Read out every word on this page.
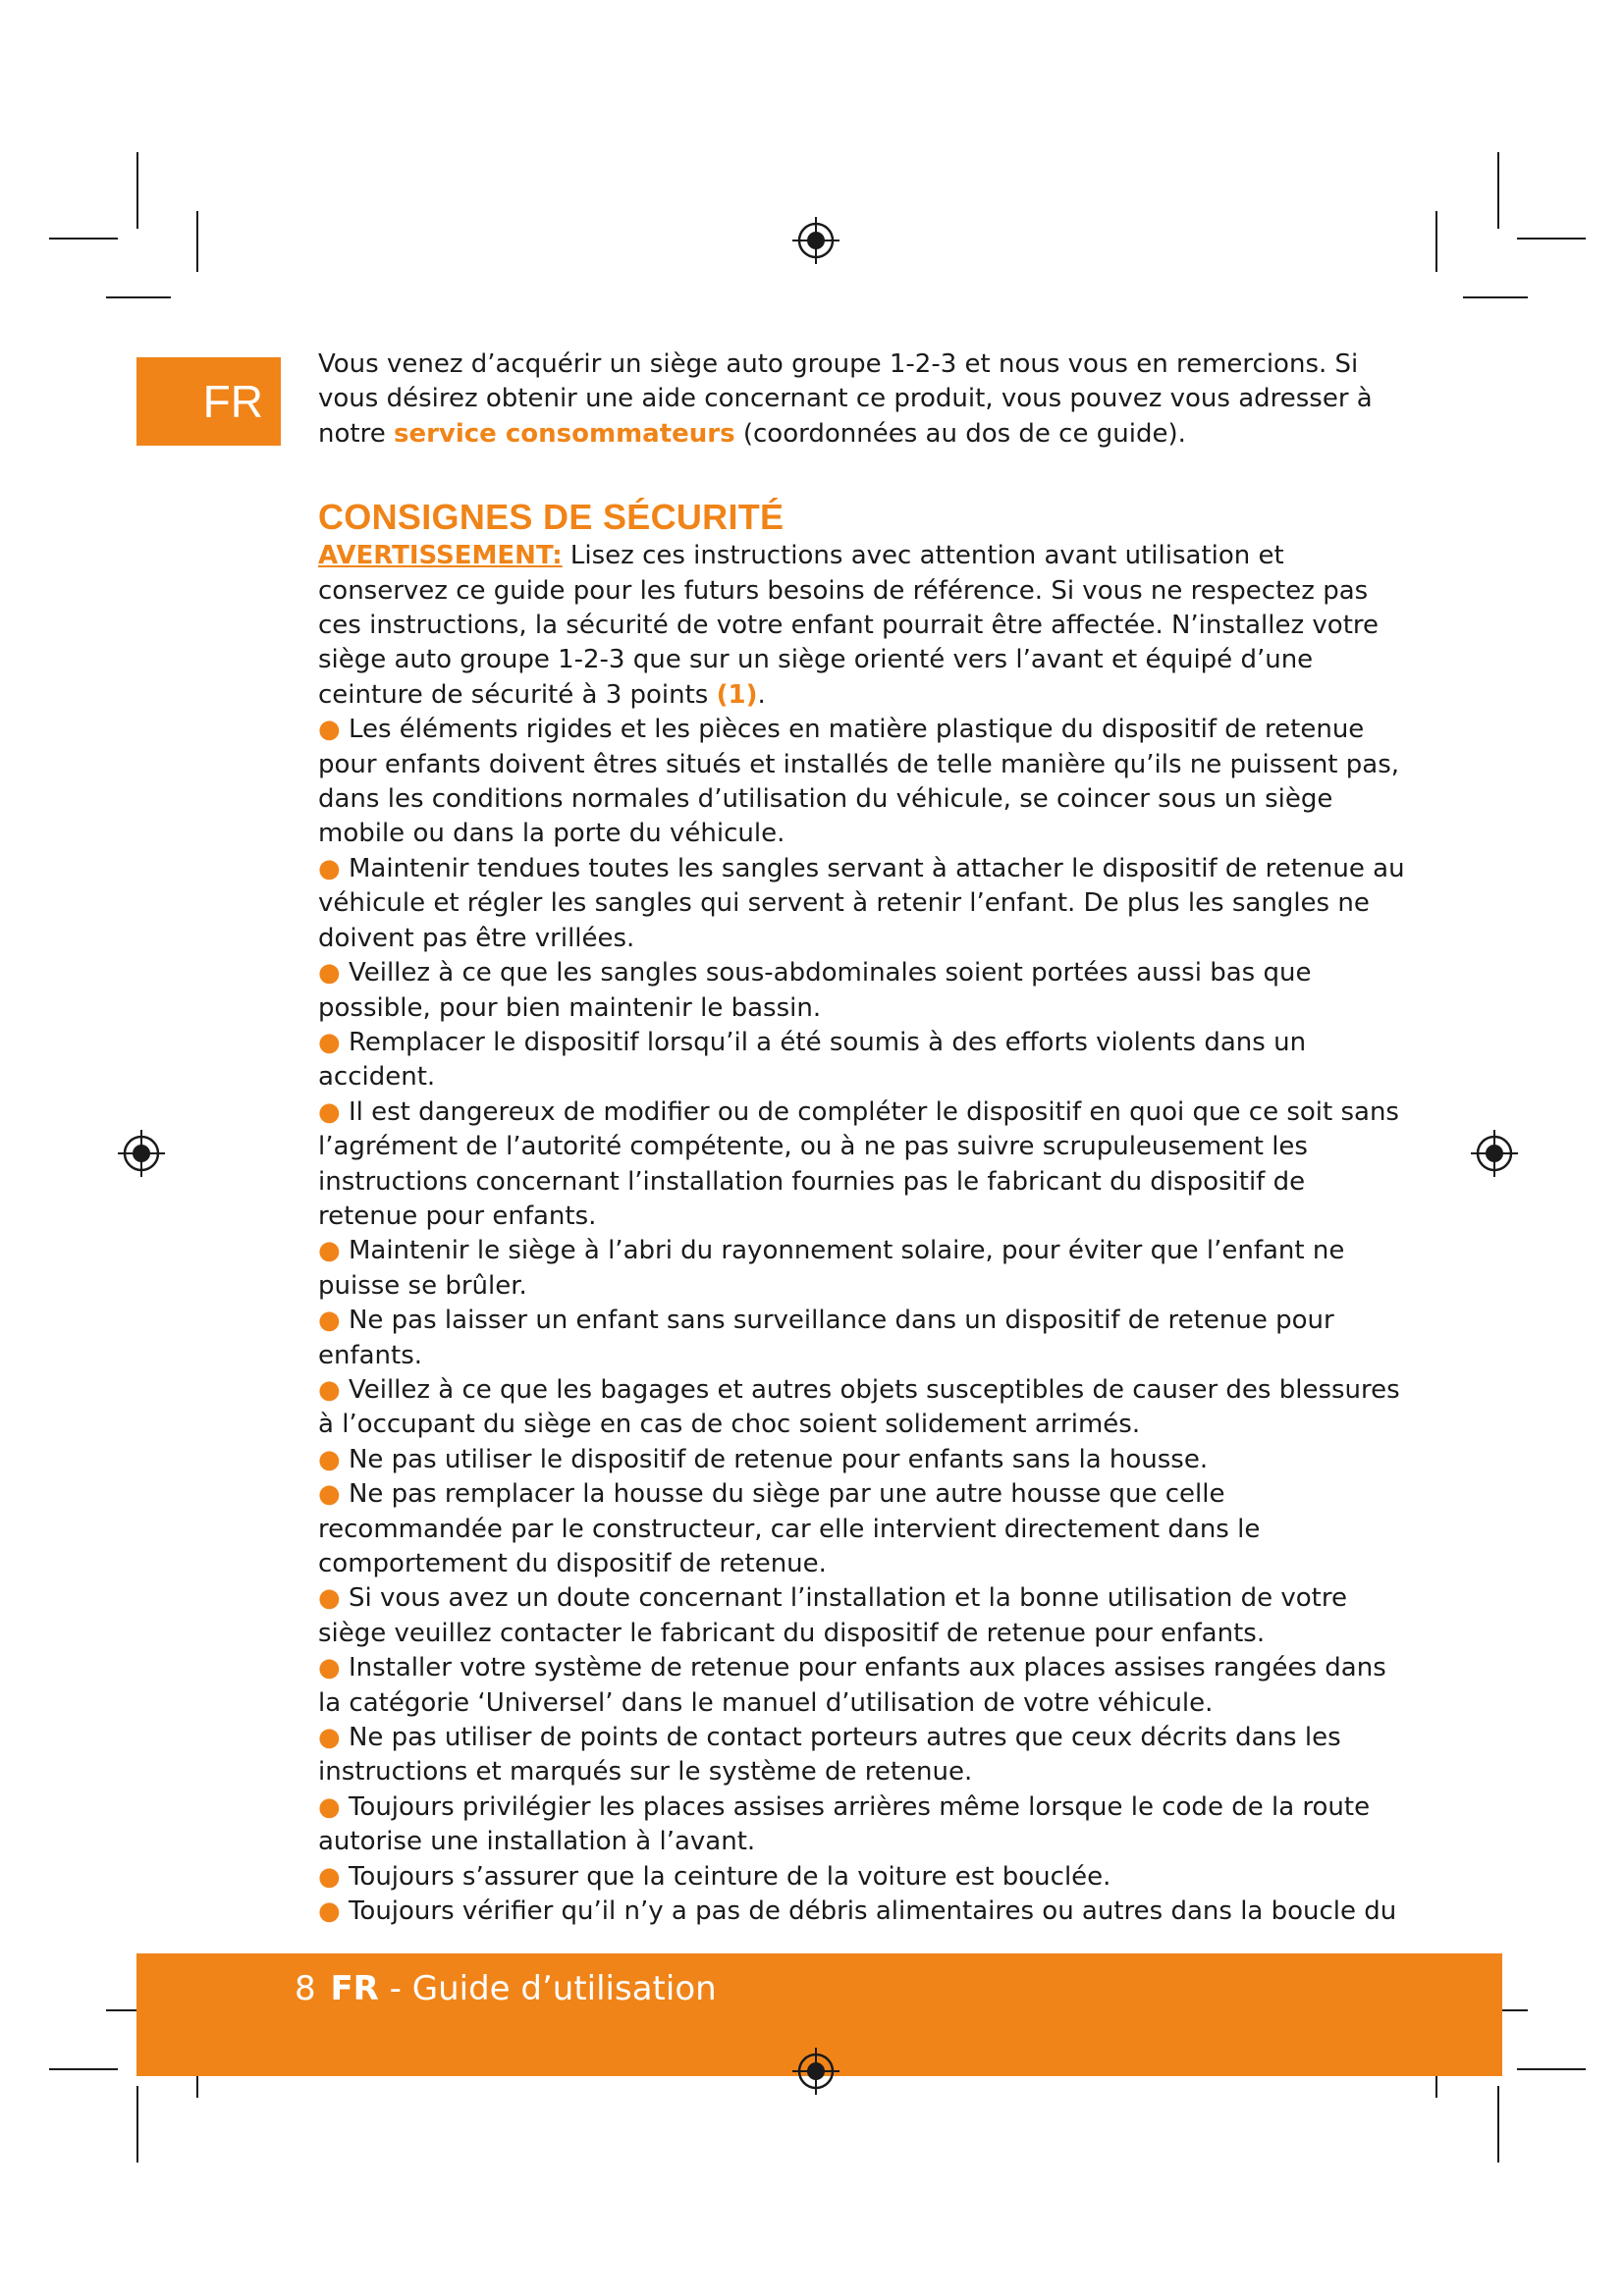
FR

Vous venez d’acquérir un siège auto groupe 1-2-3 et nous vous en remercions. Si vous désirez obtenir une aide concernant ce produit, vous pouvez vous adresser à notre service consommateurs (coordonnées au dos de ce guide).

CONSIGNES DE SÉCURITÉ

AVERTISSEMENT: Lisez ces instructions avec attention avant utilisation et conservez ce guide pour les futurs besoins de référence. Si vous ne respectez pas ces instructions, la sécurité de votre enfant pourrait être affectée. N’installez votre siège auto groupe 1-2-3 que sur un siège orienté vers l’avant et équipé d’une ceinture de sécurité à 3 points (1).

● Les éléments rigides et les pièces en matière plastique du dispositif de retenue pour enfants doivent êtres situés et installés de telle manière qu’ils ne puissent pas, dans les conditions normales d’utilisation du véhicule, se coincer sous un siège mobile ou dans la porte du véhicule.

● Maintenir tendues toutes les sangles servant à attacher le dispositif de retenue au véhicule et régler les sangles qui servent à retenir l’enfant. De plus les sangles ne doivent pas être vrillées.

● Veillez à ce que les sangles sous-abdominales soient portées aussi bas que possible, pour bien maintenir le bassin.

● Remplacer le dispositif lorsqu’il a été soumis à des efforts violents dans un accident.

● Il est dangereux de modifier ou de compléter le dispositif en quoi que ce soit sans l’agrément de l’autorité compétente, ou à ne pas suivre scrupuleusement les instructions concernant l’installation fournies pas le fabricant du dispositif de retenue pour enfants.

● Maintenir le siège à l’abri du rayonnement solaire, pour éviter que l’enfant ne puisse se brûler.

● Ne pas laisser un enfant sans surveillance dans un dispositif de retenue pour enfants.

● Veillez à ce que les bagages et autres objets susceptibles de causer des blessures à l’occupant du siège en cas de choc soient solidement arrimés.

● Ne pas utiliser le dispositif de retenue pour enfants sans la housse.

● Ne pas remplacer la housse du siège par une autre housse que celle recommandée par le constructeur, car elle intervient directement dans le comportement du dispositif de retenue.

● Si vous avez un doute concernant l’installation et la bonne utilisation de votre siège veuillez contacter le fabricant du dispositif de retenue pour enfants.

● Installer votre système de retenue pour enfants aux places assises rangées dans la catégorie ‘Universel’ dans le manuel d’utilisation de votre véhicule.

● Ne pas utiliser de points de contact porteurs autres que ceux décrits dans les instructions et marqués sur le système de retenue.

● Toujours privilégier les places assises arrières même lorsque le code de la route autorise une installation à l’avant.

● Toujours s’assurer que la ceinture de la voiture est bouclée.

● Toujours vérifier qu’il n’y a pas de débris alimentaires ou autres dans la boucle du

8 FR - Guide d’utilisation
